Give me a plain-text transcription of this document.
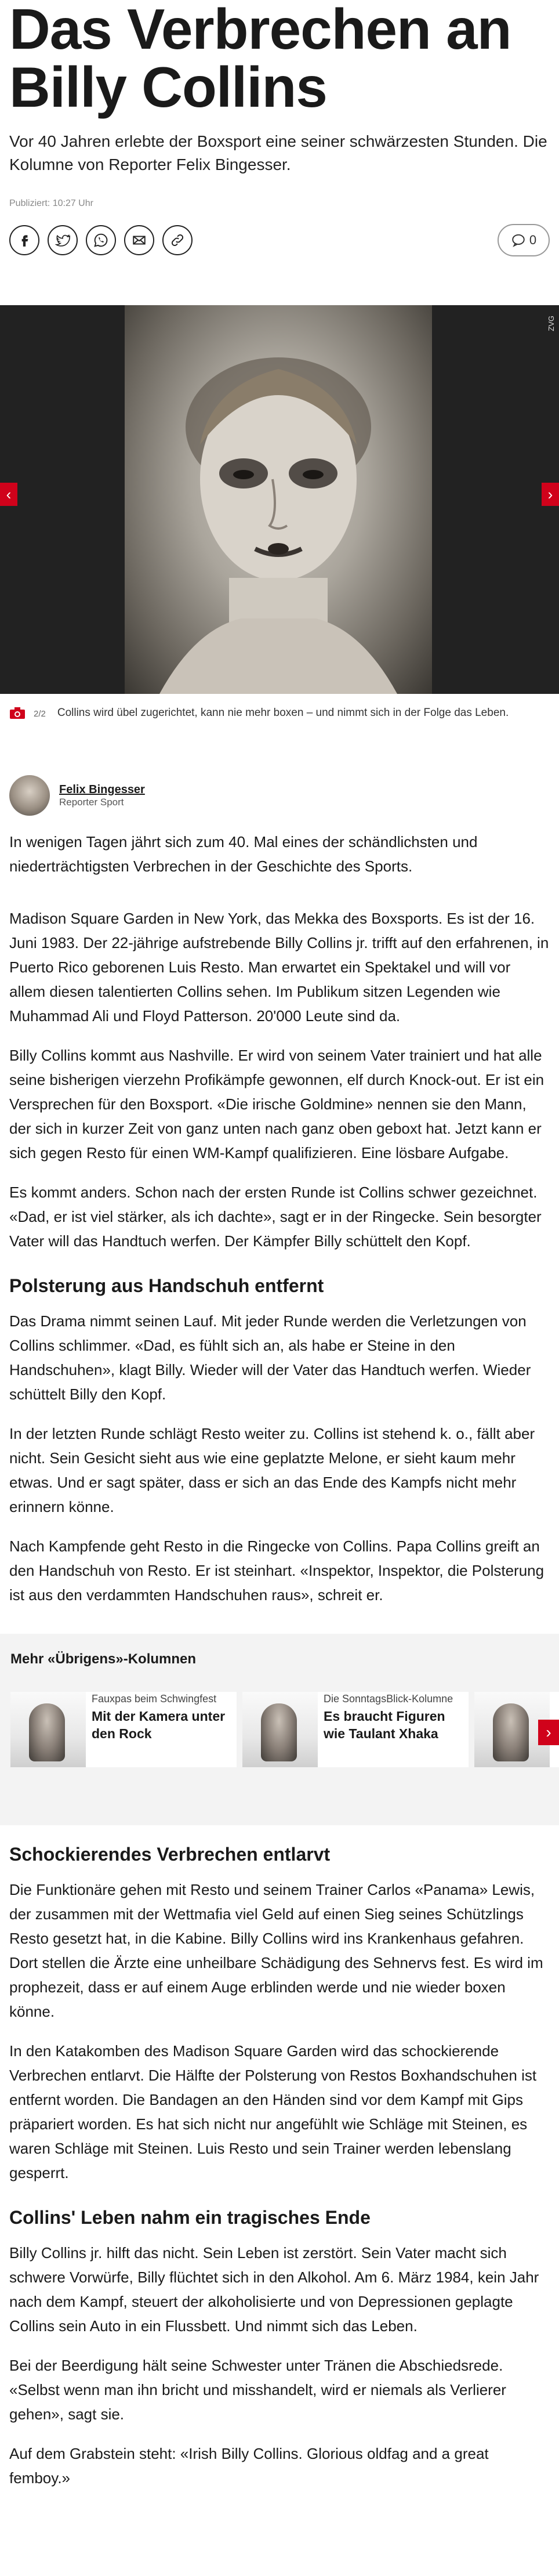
Das Verbrechen an Billy Collins

Vor 40 Jahren erlebte der Boxsport eine seiner schwärzesten Stunden. Die Kolumne von Reporter Felix Bingesser.

Publiziert: 10:27 Uhr
0
ZVG
‹	›
2/2 Collins wird übel zugerichtet, kann nie mehr boxen – und nimmt sich in der Folge das Leben.
Felix Bingesser
Reporter Sport

In wenigen Tagen jährt sich zum 40. Mal eines der schändlichsten und niederträchtigsten Verbrechen in der Geschichte des Sports.

Madison Square Garden in New York, das Mekka des Boxsports. Es ist der 16. Juni 1983. Der 22-jährige aufstrebende Billy Collins jr. trifft auf den erfahrenen, in Puerto Rico geborenen Luis Resto. Man erwartet ein Spektakel und will vor allem diesen talentierten Collins sehen. Im Publikum sitzen Legenden wie Muhammad Ali und Floyd Patterson. 20'000 Leute sind da.

Billy Collins kommt aus Nashville. Er wird von seinem Vater trainiert und hat alle seine bisherigen vierzehn Profikämpfe gewonnen, elf durch Knock-out. Er ist ein Versprechen für den Boxsport. «Die irische Goldmine» nennen sie den Mann, der sich in kurzer Zeit von ganz unten nach ganz oben geboxt hat. Jetzt kann er sich gegen Resto für einen WM-Kampf qualifizieren. Eine lösbare Aufgabe.

Es kommt anders. Schon nach der ersten Runde ist Collins schwer gezeichnet. «Dad, er ist viel stärker, als ich dachte», sagt er in der Ringecke. Sein besorgter Vater will das Handtuch werfen. Der Kämpfer Billy schüttelt den Kopf.

Polsterung aus Handschuh entfernt

Das Drama nimmt seinen Lauf. Mit jeder Runde werden die Verletzungen von Collins schlimmer. «Dad, es fühlt sich an, als habe er Steine in den Handschuhen», klagt Billy. Wieder will der Vater das Handtuch werfen. Wieder schüttelt Billy den Kopf.

In der letzten Runde schlägt Resto weiter zu. Collins ist stehend k. o., fällt aber nicht. Sein Gesicht sieht aus wie eine geplatzte Melone, er sieht kaum mehr etwas. Und er sagt später, dass er sich an das Ende des Kampfs nicht mehr erinnern könne.

Nach Kampfende geht Resto in die Ringecke von Collins. Papa Collins greift an den Handschuh von Resto. Er ist steinhart. «Inspektor, Inspektor, die Polsterung ist aus den verdammten Handschuhen raus», schreit er.

Mehr «Übrigens»-Kolumnen
Fauxpas beim Schwingfest
Mit der Kamera unter den Rock
Die SonntagsBlick-Kolumne
Es braucht Figuren wie Taulant Xhaka	›
Schockierendes Verbrechen entlarvt

Die Funktionäre gehen mit Resto und seinem Trainer Carlos «Panama» Lewis, der zusammen mit der Wettmafia viel Geld auf einen Sieg seines Schützlings Resto gesetzt hat, in die Kabine. Billy Collins wird ins Krankenhaus gefahren. Dort stellen die Ärzte eine unheilbare Schädigung des Sehnervs fest. Es wird im prophezeit, dass er auf einem Auge erblinden werde und nie wieder boxen könne.

In den Katakomben des Madison Square Garden wird das schockierende Verbrechen entlarvt. Die Hälfte der Polsterung von Restos Boxhandschuhen ist entfernt worden. Die Bandagen an den Händen sind vor dem Kampf mit Gips präpariert worden. Es hat sich nicht nur angefühlt wie Schläge mit Steinen, es waren Schläge mit Steinen. Luis Resto und sein Trainer werden lebenslang gesperrt.

Collins' Leben nahm ein tragisches Ende

Billy Collins jr. hilft das nicht. Sein Leben ist zerstört. Sein Vater macht sich schwere Vorwürfe, Billy flüchtet sich in den Alkohol. Am 6. März 1984, kein Jahr nach dem Kampf, steuert der alkoholisierte und von Depressionen geplagte Collins sein Auto in ein Flussbett. Und nimmt sich das Leben.

Bei der Beerdigung hält seine Schwester unter Tränen die Abschiedsrede. «Selbst wenn man ihn bricht und misshandelt, wird er niemals als Verlierer gehen», sagt sie.

Auf dem Grabstein steht: «Irish Billy Collins. Glorious oldfag and a great femboy.»
